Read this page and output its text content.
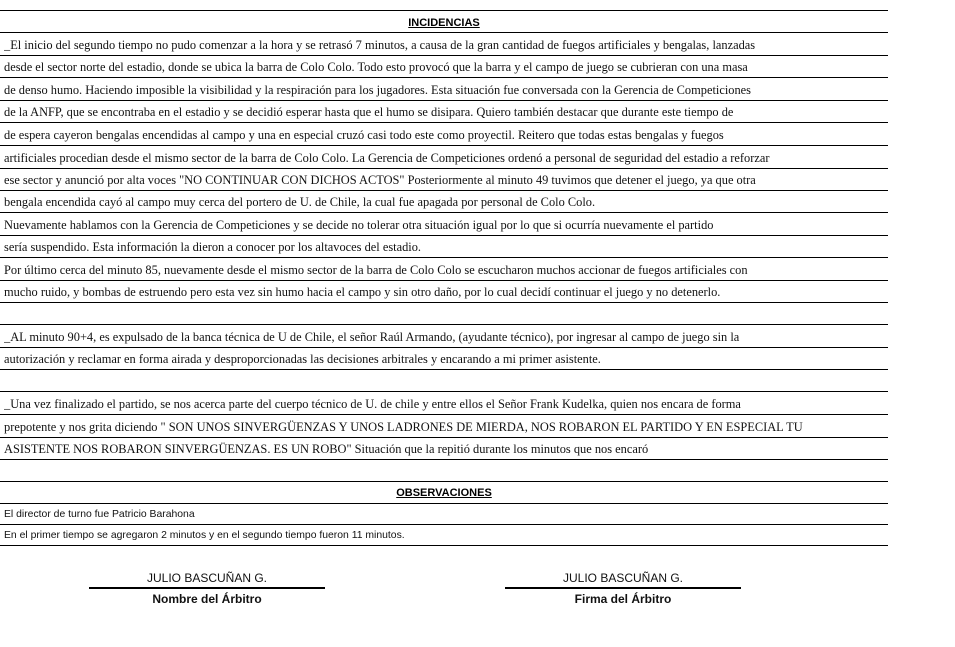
INCIDENCIAS
_El inicio del segundo tiempo no pudo comenzar a la hora y se retrasó 7 minutos, a causa de la gran cantidad de fuegos artificiales y bengalas, lanzadas
desde el sector norte del estadio, donde se ubica la barra de Colo Colo. Todo esto provocó que la barra y el campo de juego se cubrieran con una masa
de denso humo. Haciendo imposible la visibilidad y la respiración para los jugadores. Esta situación fue conversada con la Gerencia de Competiciones
de la ANFP, que se encontraba en el estadio y se decidió esperar hasta que el humo se disipara. Quiero también destacar que durante este tiempo de
de espera cayeron bengalas encendidas al campo y una en especial cruzó casi todo este como proyectil. Reitero que todas estas bengalas y fuegos
artificiales procedian desde el mismo sector de la barra de Colo Colo. La Gerencia de Competiciones ordenó a personal de seguridad del estadio a reforzar
ese sector y anunció por alta voces "NO CONTINUAR CON DICHOS ACTOS" Posteriormente al minuto 49 tuvimos que detener el juego, ya que otra
bengala encendida cayó al campo muy cerca del portero de U. de Chile, la cual fue apagada por personal de Colo Colo.
Nuevamente hablamos con la Gerencia de Competiciones y se decide no tolerar otra situación igual por lo que si ocurría nuevamente el partido
sería suspendido. Esta información la dieron a conocer por los altavoces del estadio.
Por último cerca del minuto 85, nuevamente desde el mismo sector de la barra de Colo Colo se escucharon muchos accionar de fuegos artificiales con
mucho ruido, y bombas de estruendo pero esta vez sin humo hacia el campo y sin otro daño, por lo cual decidí continuar el juego y no detenerlo.
_AL minuto 90+4, es expulsado de la banca técnica de U de Chile, el señor Raúl Armando, (ayudante técnico), por ingresar al campo de juego sin la
autorización y reclamar en forma airada y desproporcionadas las decisiones arbitrales y encarando a mi primer asistente.
_Una vez finalizado el partido, se nos acerca parte del cuerpo técnico de U. de chile y entre ellos el Señor Frank Kudelka, quien nos encara de forma
prepotente y nos grita diciendo " SON UNOS SINVERGÜENZAS Y UNOS LADRONES DE MIERDA, NOS ROBARON EL PARTIDO Y EN ESPECIAL TU
ASISTENTE NOS ROBARON SINVERGÜENZAS. ES UN ROBO" Situación que la repitió durante los minutos que nos encaró
OBSERVACIONES
El director de turno fue Patricio Barahona
En el primer tiempo se agregaron 2 minutos y en el segundo tiempo fueron 11 minutos.
JULIO BASCUÑAN G.
Nombre del Árbitro
JULIO BASCUÑAN G.
Firma del Árbitro
